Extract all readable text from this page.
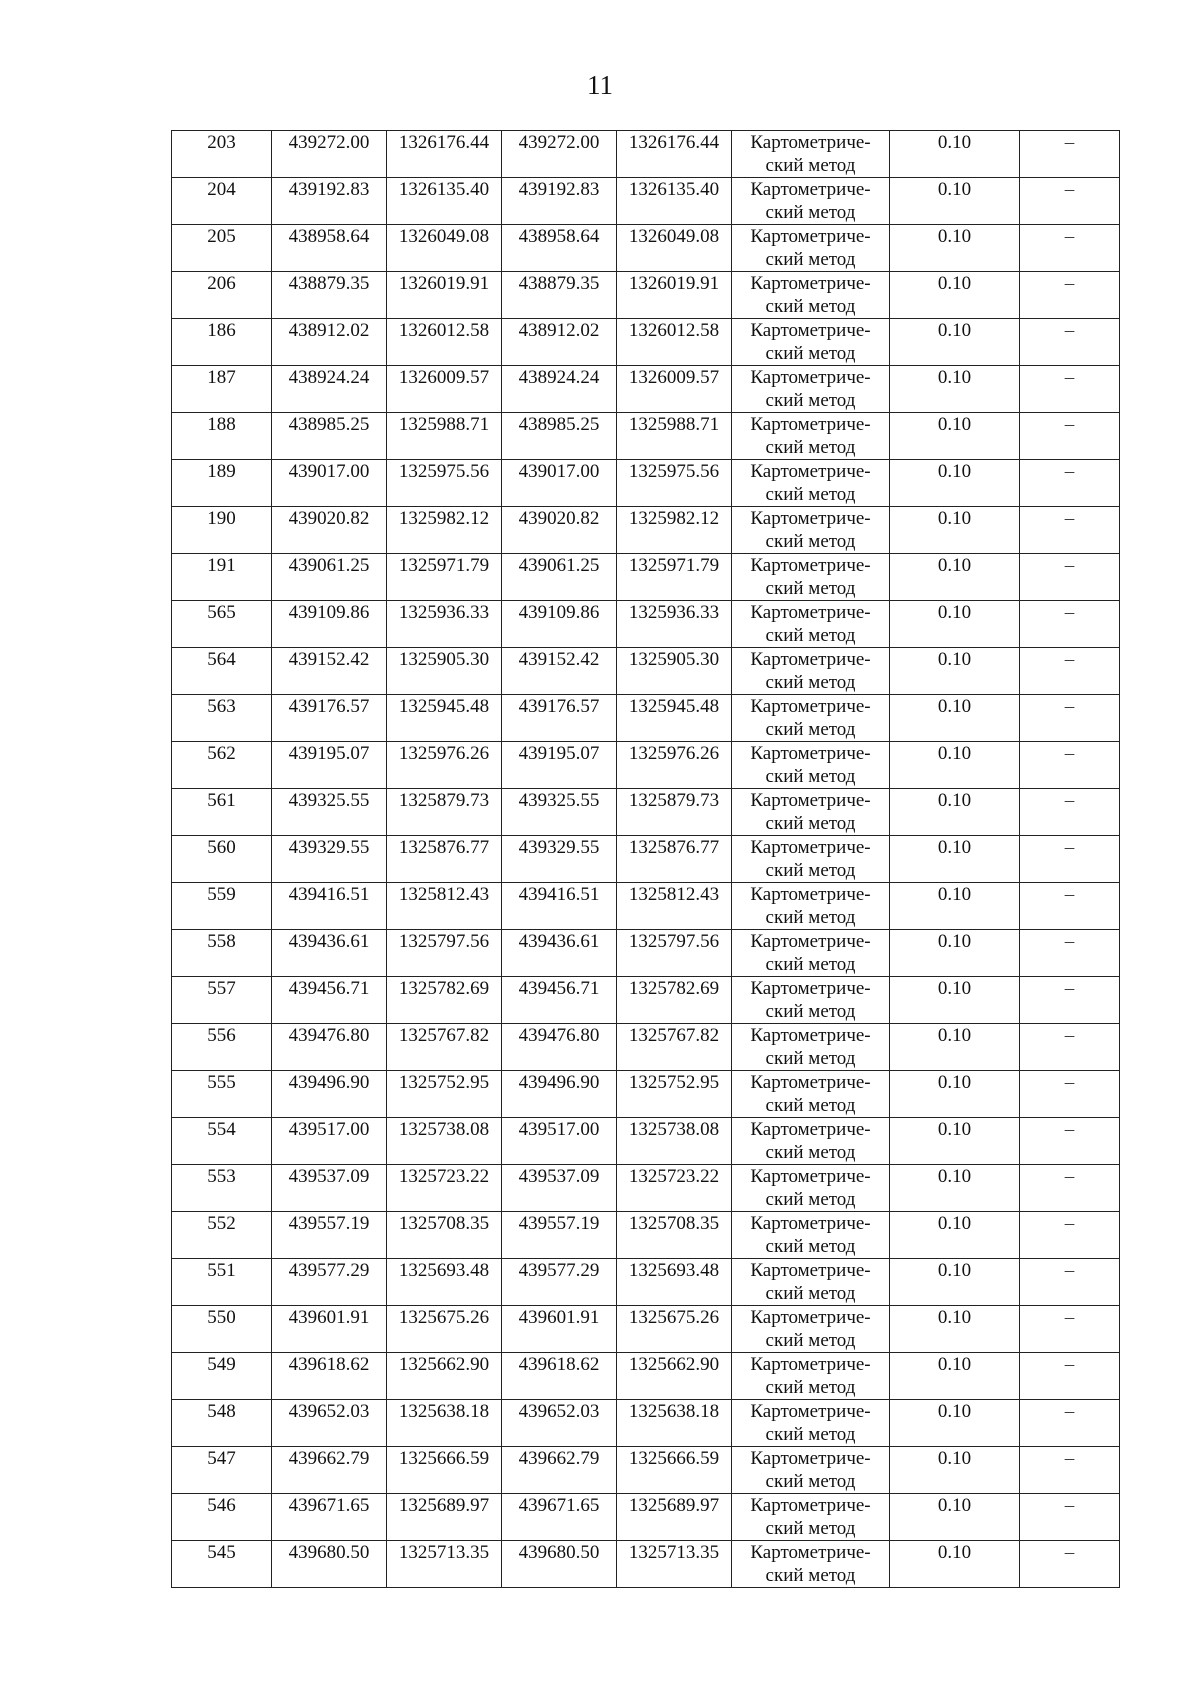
11
203	439272.00	1326176.44	439272.00	1326176.44	Картометриче-
ский метод	0.10	–
204	439192.83	1326135.40	439192.83	1326135.40	Картометриче-
ский метод	0.10	–
205	438958.64	1326049.08	438958.64	1326049.08	Картометриче-
ский метод	0.10	–
206	438879.35	1326019.91	438879.35	1326019.91	Картометриче-
ский метод	0.10	–
186	438912.02	1326012.58	438912.02	1326012.58	Картометриче-
ский метод	0.10	–
187	438924.24	1326009.57	438924.24	1326009.57	Картометриче-
ский метод	0.10	–
188	438985.25	1325988.71	438985.25	1325988.71	Картометриче-
ский метод	0.10	–
189	439017.00	1325975.56	439017.00	1325975.56	Картометриче-
ский метод	0.10	–
190	439020.82	1325982.12	439020.82	1325982.12	Картометриче-
ский метод	0.10	–
191	439061.25	1325971.79	439061.25	1325971.79	Картометриче-
ский метод	0.10	–
565	439109.86	1325936.33	439109.86	1325936.33	Картометриче-
ский метод	0.10	–
564	439152.42	1325905.30	439152.42	1325905.30	Картометриче-
ский метод	0.10	–
563	439176.57	1325945.48	439176.57	1325945.48	Картометриче-
ский метод	0.10	–
562	439195.07	1325976.26	439195.07	1325976.26	Картометриче-
ский метод	0.10	–
561	439325.55	1325879.73	439325.55	1325879.73	Картометриче-
ский метод	0.10	–
560	439329.55	1325876.77	439329.55	1325876.77	Картометриче-
ский метод	0.10	–
559	439416.51	1325812.43	439416.51	1325812.43	Картометриче-
ский метод	0.10	–
558	439436.61	1325797.56	439436.61	1325797.56	Картометриче-
ский метод	0.10	–
557	439456.71	1325782.69	439456.71	1325782.69	Картометриче-
ский метод	0.10	–
556	439476.80	1325767.82	439476.80	1325767.82	Картометриче-
ский метод	0.10	–
555	439496.90	1325752.95	439496.90	1325752.95	Картометриче-
ский метод	0.10	–
554	439517.00	1325738.08	439517.00	1325738.08	Картометриче-
ский метод	0.10	–
553	439537.09	1325723.22	439537.09	1325723.22	Картометриче-
ский метод	0.10	–
552	439557.19	1325708.35	439557.19	1325708.35	Картометриче-
ский метод	0.10	–
551	439577.29	1325693.48	439577.29	1325693.48	Картометриче-
ский метод	0.10	–
550	439601.91	1325675.26	439601.91	1325675.26	Картометриче-
ский метод	0.10	–
549	439618.62	1325662.90	439618.62	1325662.90	Картометриче-
ский метод	0.10	–
548	439652.03	1325638.18	439652.03	1325638.18	Картометриче-
ский метод	0.10	–
547	439662.79	1325666.59	439662.79	1325666.59	Картометриче-
ский метод	0.10	–
546	439671.65	1325689.97	439671.65	1325689.97	Картометриче-
ский метод	0.10	–
545	439680.50	1325713.35	439680.50	1325713.35	Картометриче-
ский метод	0.10	–
